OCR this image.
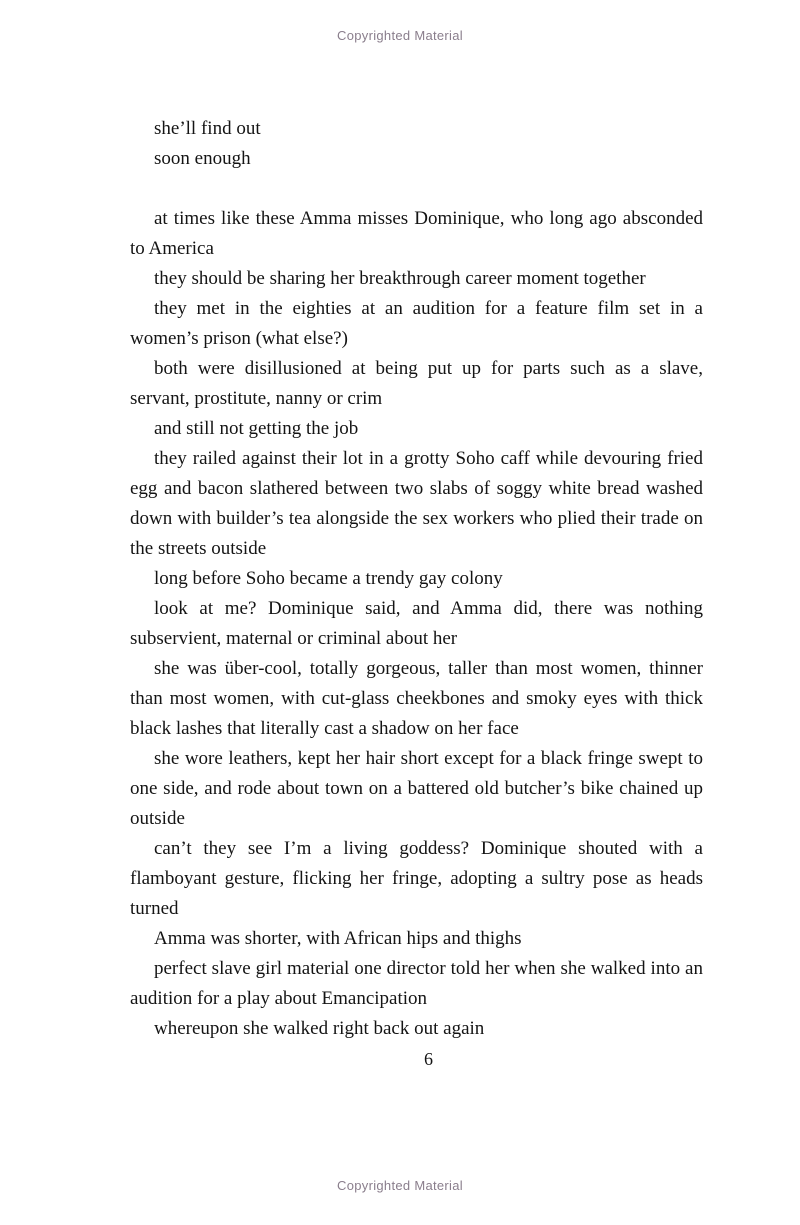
Copyrighted Material
she’ll find out
soon enough

at times like these Amma misses Dominique, who long ago absconded to America

they should be sharing her breakthrough career moment together

they met in the eighties at an audition for a feature film set in a women’s prison (what else?)

both were disillusioned at being put up for parts such as a slave, servant, prostitute, nanny or crim

and still not getting the job

they railed against their lot in a grotty Soho caff while devouring fried egg and bacon slathered between two slabs of soggy white bread washed down with builder’s tea alongside the sex workers who plied their trade on the streets outside

long before Soho became a trendy gay colony

look at me? Dominique said, and Amma did, there was nothing subservient, maternal or criminal about her

she was über-cool, totally gorgeous, taller than most women, thinner than most women, with cut-glass cheekbones and smoky eyes with thick black lashes that literally cast a shadow on her face

she wore leathers, kept her hair short except for a black fringe swept to one side, and rode about town on a battered old butcher’s bike chained up outside

can’t they see I’m a living goddess? Dominique shouted with a flamboyant gesture, flicking her fringe, adopting a sultry pose as heads turned

Amma was shorter, with African hips and thighs

perfect slave girl material one director told her when she walked into an audition for a play about Emancipation

whereupon she walked right back out again

6

Copyrighted Material
